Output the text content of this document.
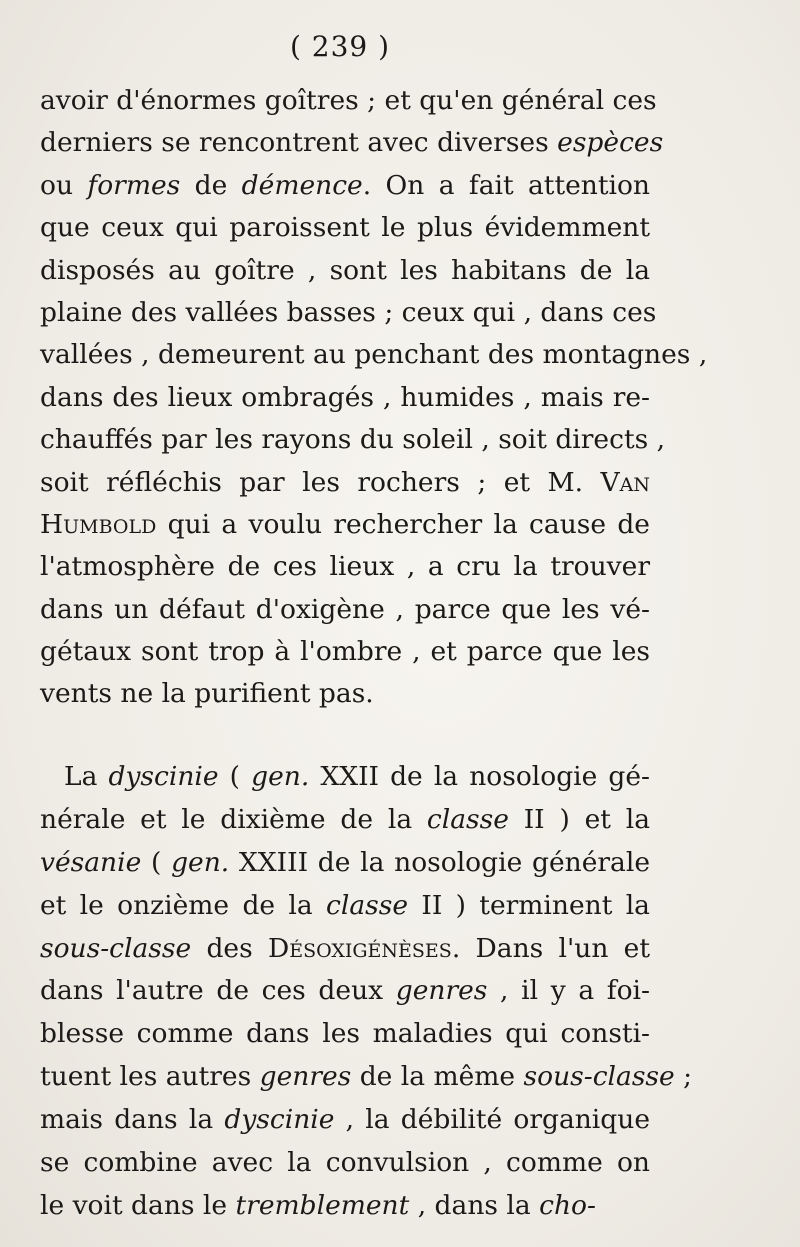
( 239 )
avoir d'énormes goîtres ; et qu'en général ces
derniers se rencontrent avec diverses espèces
ou formes de démence. On a fait attention
que ceux qui paroissent le plus évidemment
disposés au goître , sont les habitans de la
plaine des vallées basses ; ceux qui , dans ces
vallées , demeurent au penchant des montagnes ,
dans des lieux ombragés , humides , mais re-
chauffés par les rayons du soleil , soit directs ,
soit réfléchis par les rochers ; et M. Van
Humbold qui a voulu rechercher la cause de
l'atmosphère de ces lieux , a cru la trouver
dans un défaut d'oxigène , parce que les vé-
gétaux sont trop à l'ombre , et parce que les
vents ne la purifient pas.
La dyscinie ( gen. XXII de la nosologie gé-
nérale et le dixième de la classe II ) et la
vésanie ( gen. XXIII de la nosologie générale
et le onzième de la classe II ) terminent la
sous-classe des Désoxigénèses. Dans l'un et
dans l'autre de ces deux genres , il y a foi-
blesse comme dans les maladies qui consti-
tuent les autres genres de la même sous-classe ;
mais dans la dyscinie , la débilité organique
se combine avec la convulsion , comme on
le voit dans le tremblement , dans la cho-
